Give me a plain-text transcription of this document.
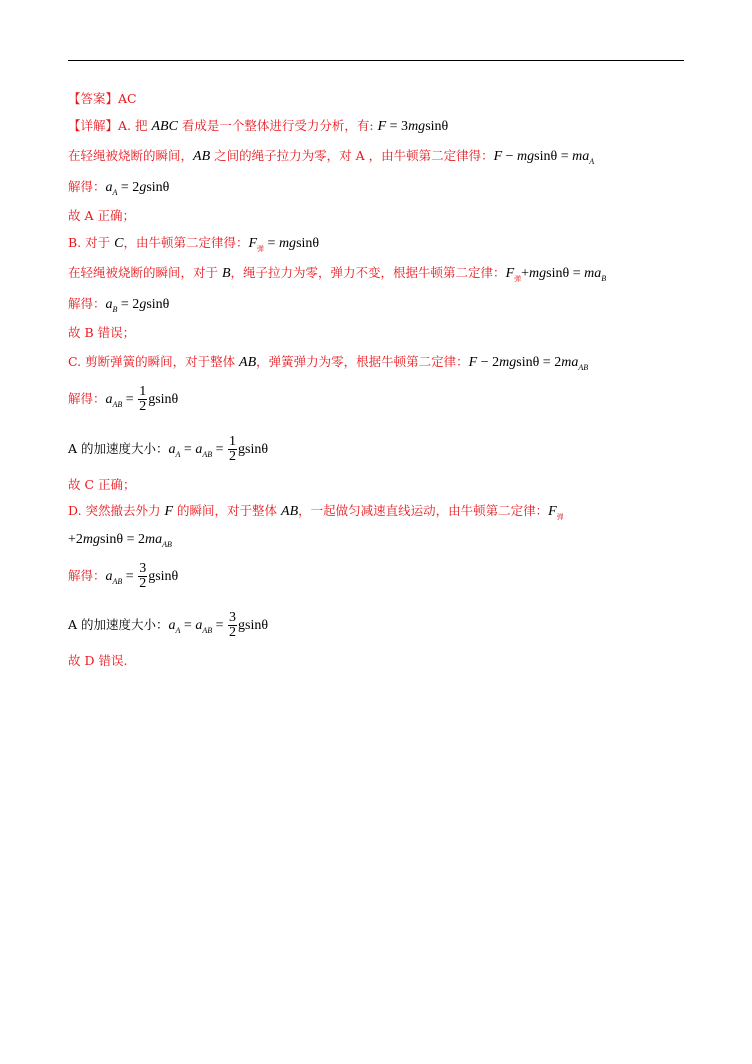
【答案】AC
【详解】A. 把 ABC 看成是一个整体进行受力分析，有: F = 3mgsinθ
在轻绳被烧断的瞬间，AB 之间的绳子拉力为零，对 A ，由牛顿第二定律得：$F - mgsin\theta = ma_A$
解得：$a_A = 2gsin\theta$
故 A 正确；
B. 对于 C，由牛顿第二定律得：$F_弹 = mgsin\theta$
在轻绳被烧断的瞬间，对于 B，绳子拉力为零，弹力不变，根据牛顿第二定律：$F_弹+mgsin\theta = ma_B$
解得：$a_B = 2gsin\theta$
故 B 错误；
C. 剪断弹簧的瞬间，对于整体 AB，弹簧弹力为零，根据牛顿第二定律：$F - 2mgsin\theta = 2ma_{AB}$
解得：$a_{AB} = \frac{1}{2}$ gsinθ
A 的加速度大小：$a_A = a_{AB} = \frac{1}{2}$ gsinθ
故 C 正确；
D. 突然撤去外力 F 的瞬间，对于整体 AB，一起做匀减速直线运动，由牛顿第二定律：$F_弹$
$+2mgsin\theta = 2ma_{AB}$
解得：$a_{AB} = \frac{3}{2}$ gsinθ
A 的加速度大小：$a_A = a_{AB} = \frac{3}{2}$ gsinθ
故 D 错误.
